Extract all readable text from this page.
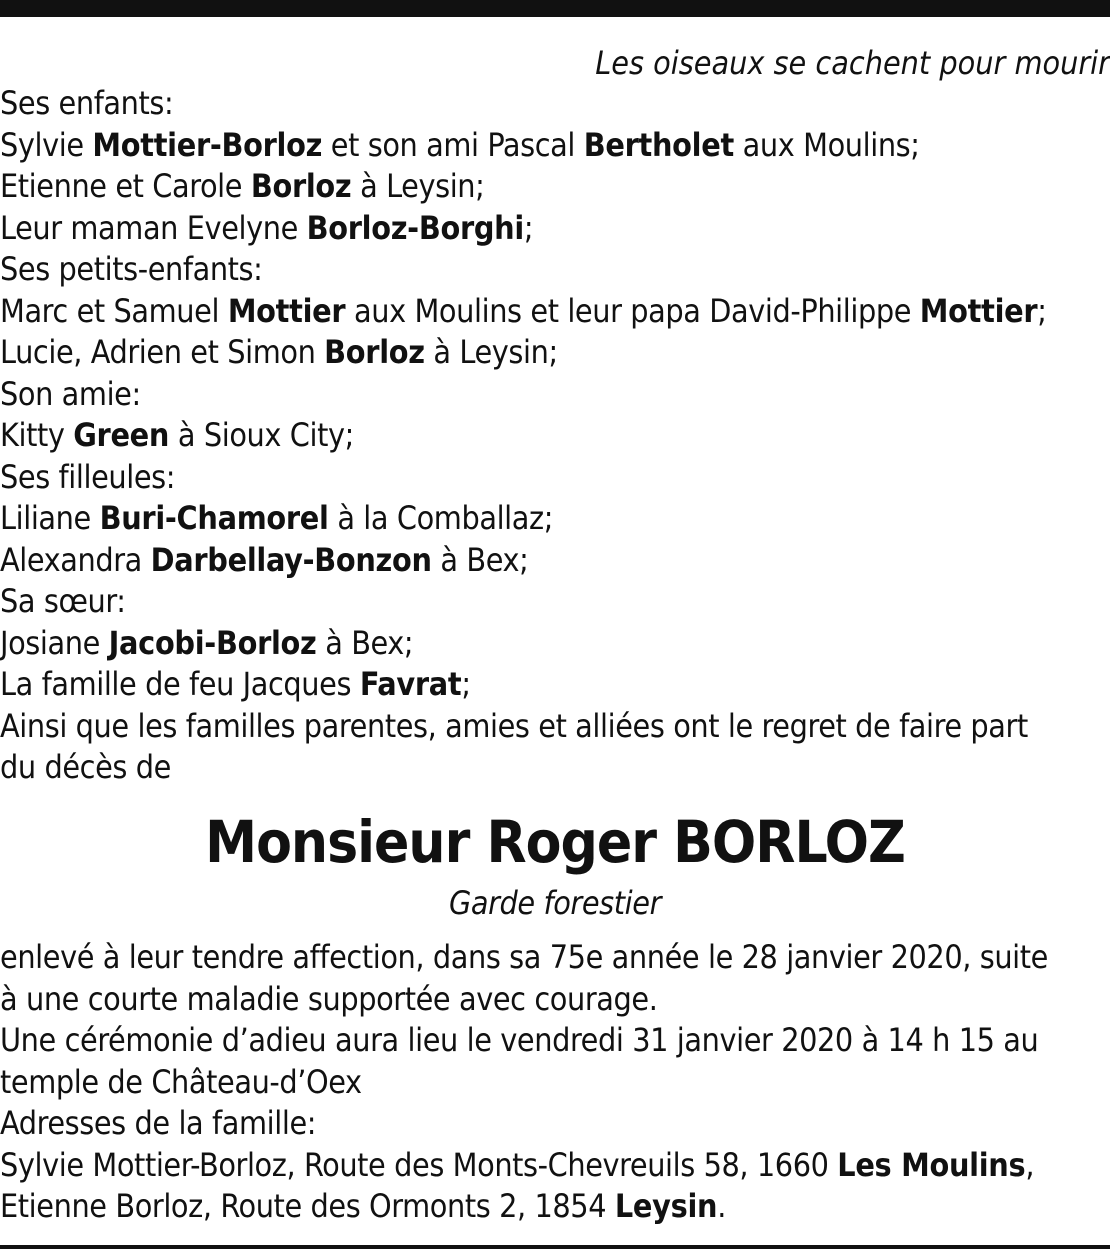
Les oiseaux se cachent pour mourir
Ses enfants:
Sylvie Mottier-Borloz et son ami Pascal Bertholet aux Moulins;
Etienne et Carole Borloz à Leysin;
Leur maman Evelyne Borloz-Borghi;
Ses petits-enfants:
Marc et Samuel Mottier aux Moulins et leur papa David-Philippe Mottier;
Lucie, Adrien et Simon Borloz à Leysin;
Son amie:
Kitty Green à Sioux City;
Ses filleules:
Liliane Buri-Chamorel à la Comballaz;
Alexandra Darbellay-Bonzon à Bex;
Sa sœur:
Josiane Jacobi-Borloz à Bex;
La famille de feu Jacques Favrat;
Ainsi que les familles parentes, amies et alliées ont le regret de faire part
du décès de
Monsieur Roger BORLOZ
Garde forestier
enlevé à leur tendre affection, dans sa 75e année le 28 janvier 2020, suite
à une courte maladie supportée avec courage.
Une cérémonie d’adieu aura lieu le vendredi 31 janvier 2020 à 14 h 15 au
temple de Château-d’Oex
Adresses de la famille:
Sylvie Mottier-Borloz, Route des Monts-Chevreuils 58, 1660 Les Moulins,
Etienne Borloz, Route des Ormonts 2, 1854 Leysin.
